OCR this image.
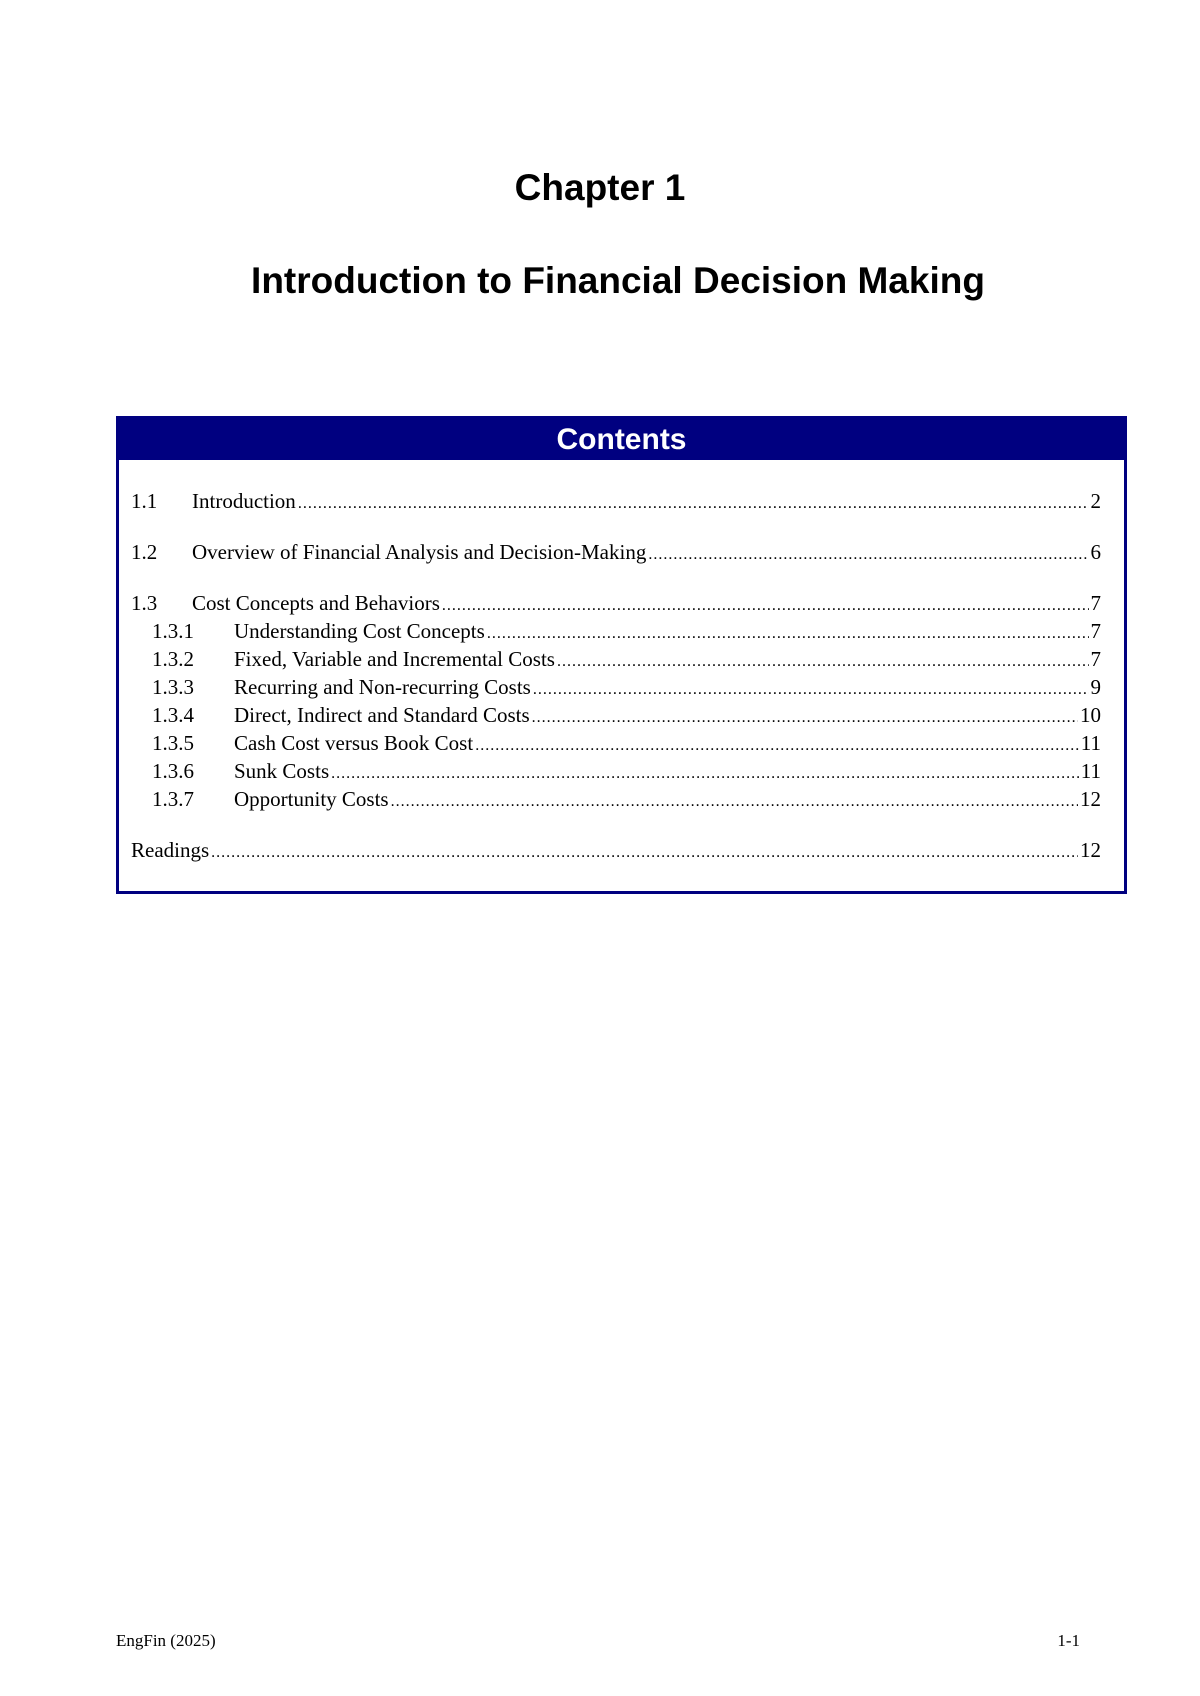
Chapter 1
Introduction to Financial Decision Making
Contents
1.1	Introduction .....	2
1.2	Overview of Financial Analysis and Decision-Making .....	6
1.3	Cost Concepts and Behaviors .....	7
1.3.1	Understanding Cost Concepts .....	7
1.3.2	Fixed, Variable and Incremental Costs .....	7
1.3.3	Recurring and Non-recurring Costs .....	9
1.3.4	Direct, Indirect and Standard Costs .....	10
1.3.5	Cash Cost versus Book Cost .....	11
1.3.6	Sunk Costs .....	11
1.3.7	Opportunity Costs .....	12
Readings .....	12
EngFin (2025)	1-1
